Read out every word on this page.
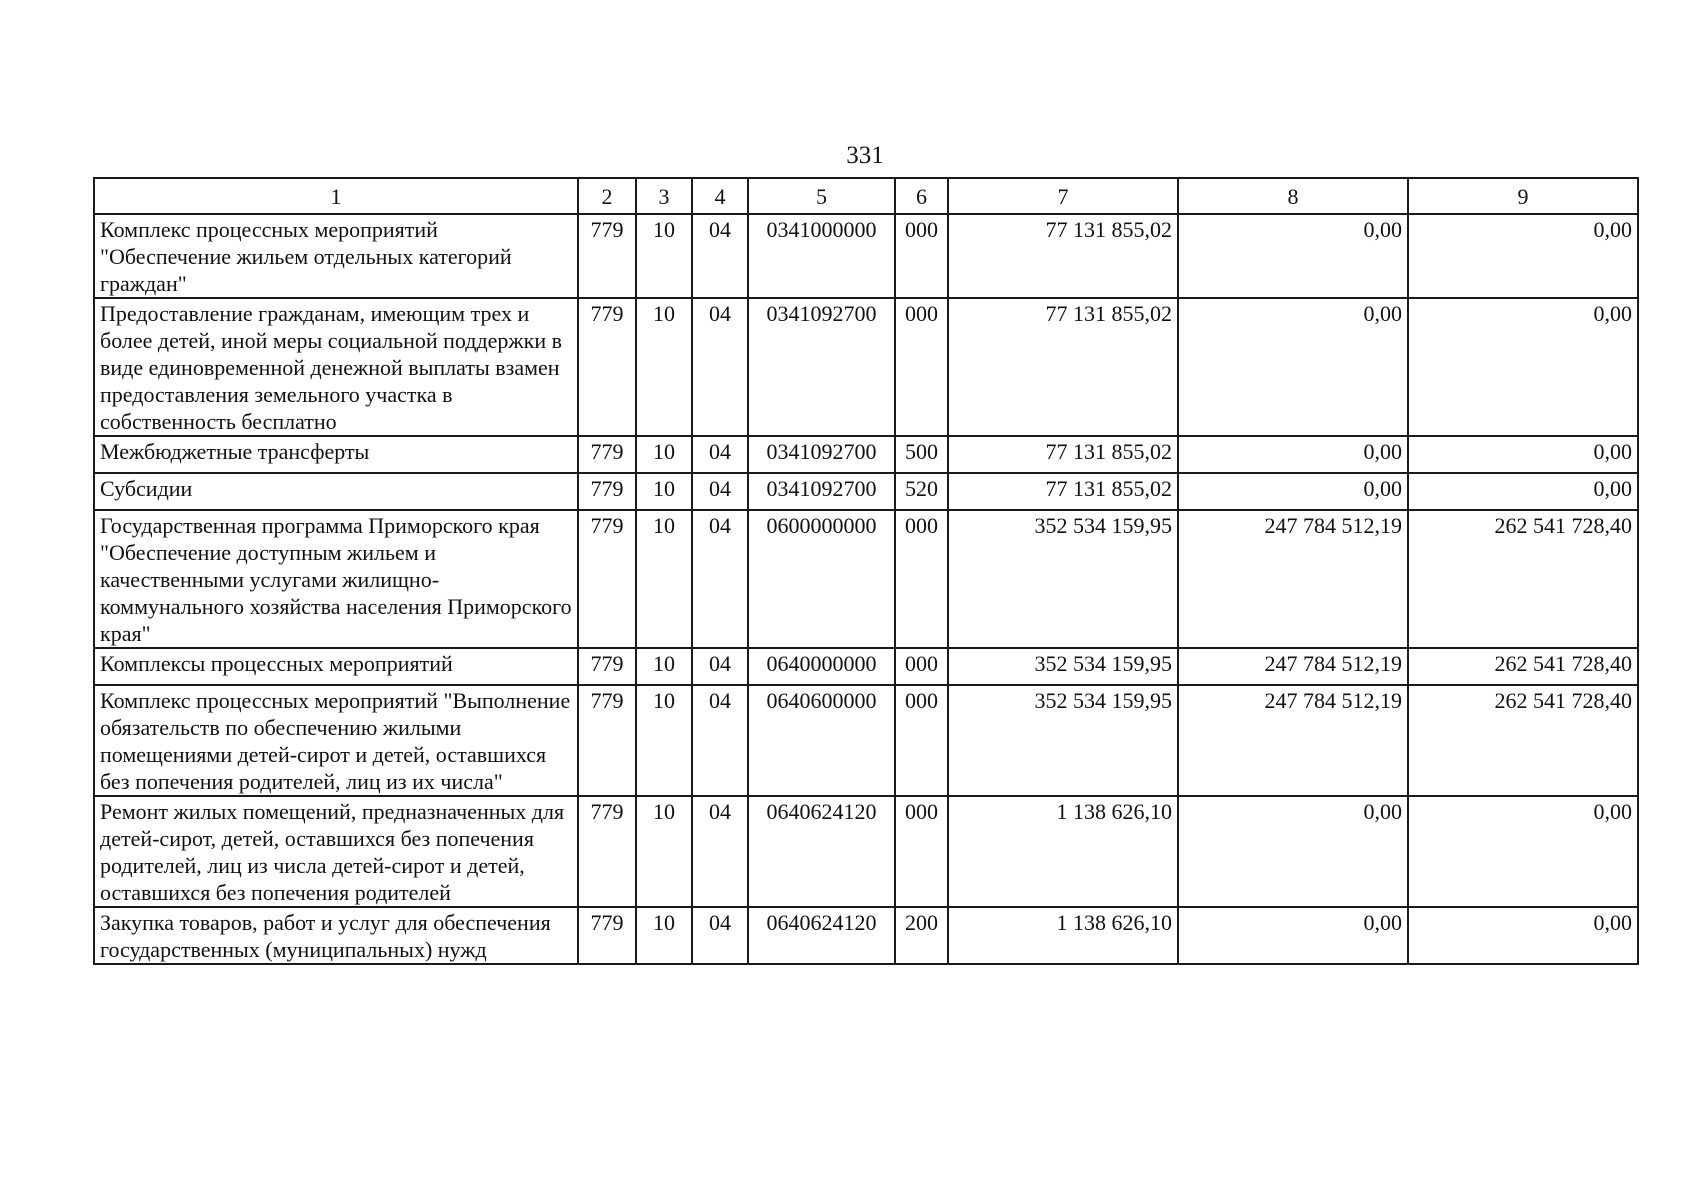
331
1	2	3	4	5	6	7	8	9
Комплекс процессных мероприятий "Обеспечение жильем отдельных категорий граждан"	779	10	04	0341000000	000	77 131 855,02	0,00	0,00
Предоставление гражданам, имеющим трех и более детей, иной меры социальной поддержки в виде единовременной денежной выплаты взамен предоставления земельного участка в собственность бесплатно	779	10	04	0341092700	000	77 131 855,02	0,00	0,00
Межбюджетные трансферты	779	10	04	0341092700	500	77 131 855,02	0,00	0,00
Субсидии	779	10	04	0341092700	520	77 131 855,02	0,00	0,00
Государственная программа Приморского края "Обеспечение доступным жильем и качественными услугами жилищно-коммунального хозяйства населения Приморского края"	779	10	04	0600000000	000	352 534 159,95	247 784 512,19	262 541 728,40
Комплексы процессных мероприятий	779	10	04	0640000000	000	352 534 159,95	247 784 512,19	262 541 728,40
Комплекс процессных мероприятий "Выполнение обязательств по обеспечению жилыми помещениями детей-сирот и детей, оставшихся без попечения родителей, лиц из их числа"	779	10	04	0640600000	000	352 534 159,95	247 784 512,19	262 541 728,40
Ремонт жилых помещений, предназначенных для детей-сирот, детей, оставшихся без попечения родителей, лиц из числа детей-сирот и детей, оставшихся без попечения родителей	779	10	04	0640624120	000	1 138 626,10	0,00	0,00
Закупка товаров, работ и услуг для обеспечения государственных (муниципальных) нужд	779	10	04	0640624120	200	1 138 626,10	0,00	0,00
